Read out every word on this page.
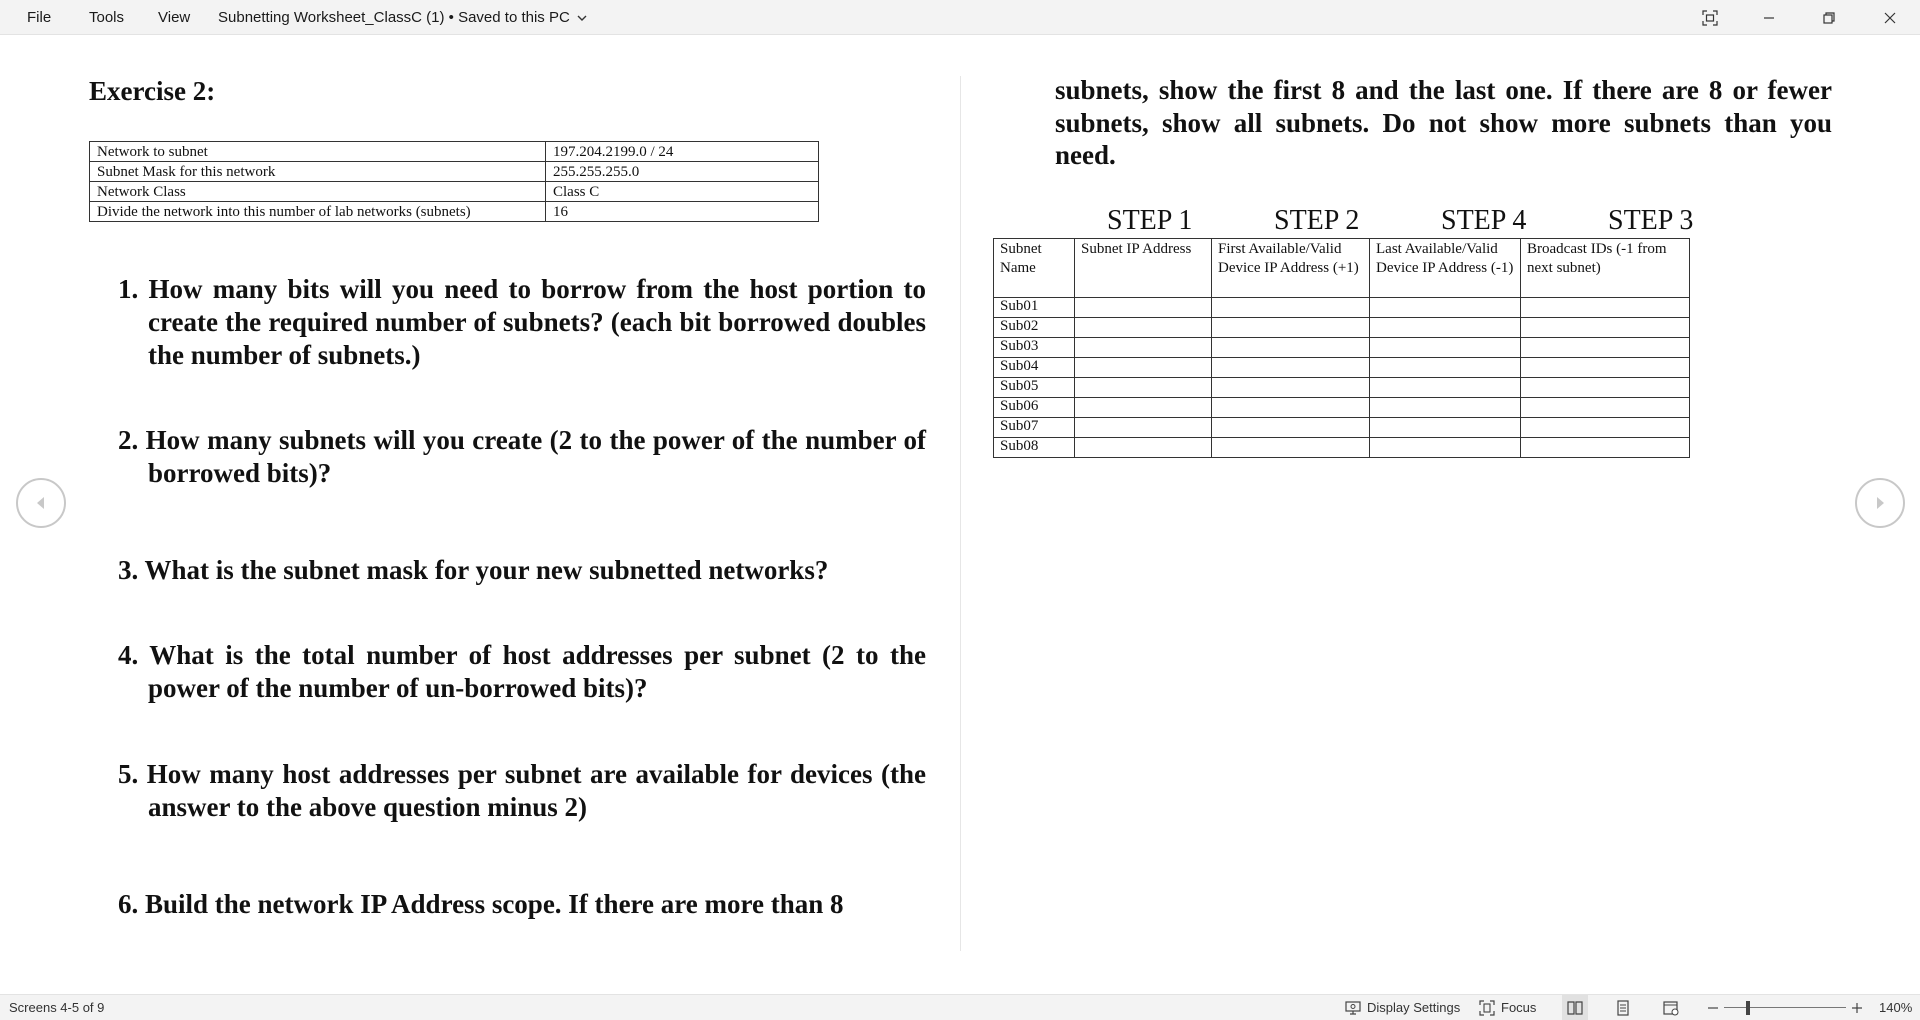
File	Tools	View	Subnetting Worksheet_ClassC (1) • Saved to this PC
Exercise 2:
Network to subnet	197.204.2199.0 / 24
Subnet Mask for this network	255.255.255.0
Network Class	Class C
Divide the network into this number of lab networks (subnets)	16
1. How many bits will you need to borrow from the host portion to create the required number of subnets? (each bit borrowed doubles the number of subnets.)
2. How many subnets will you create (2 to the power of the number of borrowed bits)?
3. What is the subnet mask for your new subnetted networks?
4. What is the total number of host addresses per subnet (2 to the power of the number of un-borrowed bits)?
5. How many host addresses per subnet are available for devices (the answer to the above question minus 2)
6. Build the network IP Address scope. If there are more than 8
subnets, show the first 8 and the last one. If there are 8 or fewer subnets, show all subnets. Do not show more subnets than you need.
STEP 1	STEP 2	STEP 4	STEP 3
Subnet Name	Subnet IP Address	First Available/Valid Device IP Address (+1)	Last Available/Valid Device IP Address (-1)	Broadcast IDs (-1 from next subnet)
Sub01				
Sub02				
Sub03				
Sub04				
Sub05				
Sub06				
Sub07				
Sub08				
Screens 4-5 of 9	Display Settings	Focus	140%
